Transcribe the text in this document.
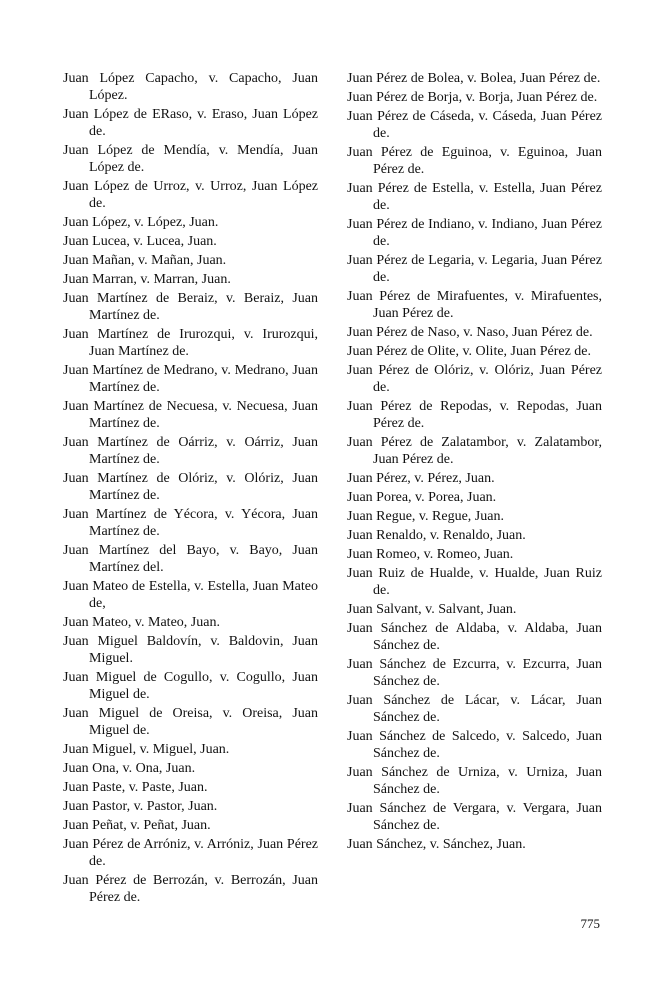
Juan López Capacho, v. Capacho, Juan López.

Juan López de ERaso, v. Eraso, Juan López de.

Juan López de Mendía, v. Mendía, Juan López de.

Juan López de Urroz, v. Urroz, Juan López de.

Juan López, v. López, Juan.

Juan Lucea, v. Lucea, Juan.

Juan Mañan, v. Mañan, Juan.

Juan Marran, v. Marran, Juan.

Juan Martínez de Beraiz, v. Beraiz, Juan Martínez de.

Juan Martínez de Irurozqui, v. Irurozqui, Juan Martínez de.

Juan Martínez de Medrano, v. Medrano, Juan Martínez de.

Juan Martínez de Necuesa, v. Necuesa, Juan Martínez de.

Juan Martínez de Oárriz, v. Oárriz, Juan Martínez de.

Juan Martínez de Olóriz, v. Olóriz, Juan Martínez de.

Juan Martínez de Yécora, v. Yécora, Juan Martínez de.

Juan Martínez del Bayo, v. Bayo, Juan Martínez del.

Juan Mateo de Estella, v. Estella, Juan Mateo de,

Juan Mateo, v. Mateo, Juan.

Juan Miguel Baldovín, v. Baldovin, Juan Miguel.

Juan Miguel de Cogullo, v. Cogullo, Juan Miguel de.

Juan Miguel de Oreisa, v. Oreisa, Juan Miguel de.

Juan Miguel, v. Miguel, Juan.

Juan Ona, v. Ona, Juan.

Juan Paste, v. Paste, Juan.

Juan Pastor, v. Pastor, Juan.

Juan Peñat, v. Peñat, Juan.

Juan Pérez de Arróniz, v. Arróniz, Juan Pérez de.

Juan Pérez de Berrozán, v. Berrozán, Juan Pérez de.

Juan Pérez de Bolea, v. Bolea, Juan Pérez de.

Juan Pérez de Borja, v. Borja, Juan Pérez de.

Juan Pérez de Cáseda, v. Cáseda, Juan Pérez de.

Juan Pérez de Eguinoa, v. Eguinoa, Juan Pérez de.

Juan Pérez de Estella, v. Estella, Juan Pérez de.

Juan Pérez de Indiano, v. Indiano, Juan Pérez de.

Juan Pérez de Legaria, v. Legaria, Juan Pérez de.

Juan Pérez de Mirafuentes, v. Mirafuentes, Juan Pérez de.

Juan Pérez de Naso, v. Naso, Juan Pérez de.

Juan Pérez de Olite, v. Olite, Juan Pérez de.

Juan Pérez de Olóriz, v. Olóriz, Juan Pérez de.

Juan Pérez de Repodas, v. Repodas, Juan Pérez de.

Juan Pérez de Zalatambor, v. Zalatambor, Juan Pérez de.

Juan Pérez, v. Pérez, Juan.

Juan Porea, v. Porea, Juan.

Juan Regue, v. Regue, Juan.

Juan Renaldo, v. Renaldo, Juan.

Juan Romeo, v. Romeo, Juan.

Juan Ruiz de Hualde, v. Hualde, Juan Ruiz de.

Juan Salvant, v. Salvant, Juan.

Juan Sánchez de Aldaba, v. Aldaba, Juan Sánchez de.

Juan Sánchez de Ezcurra, v. Ezcurra, Juan Sánchez de.

Juan Sánchez de Lácar, v. Lácar, Juan Sánchez de.

Juan Sánchez de Salcedo, v. Salcedo, Juan Sánchez de.

Juan Sánchez de Urniza, v. Urniza, Juan Sánchez de.

Juan Sánchez de Vergara, v. Vergara, Juan Sánchez de.

Juan Sánchez, v. Sánchez, Juan.

775
